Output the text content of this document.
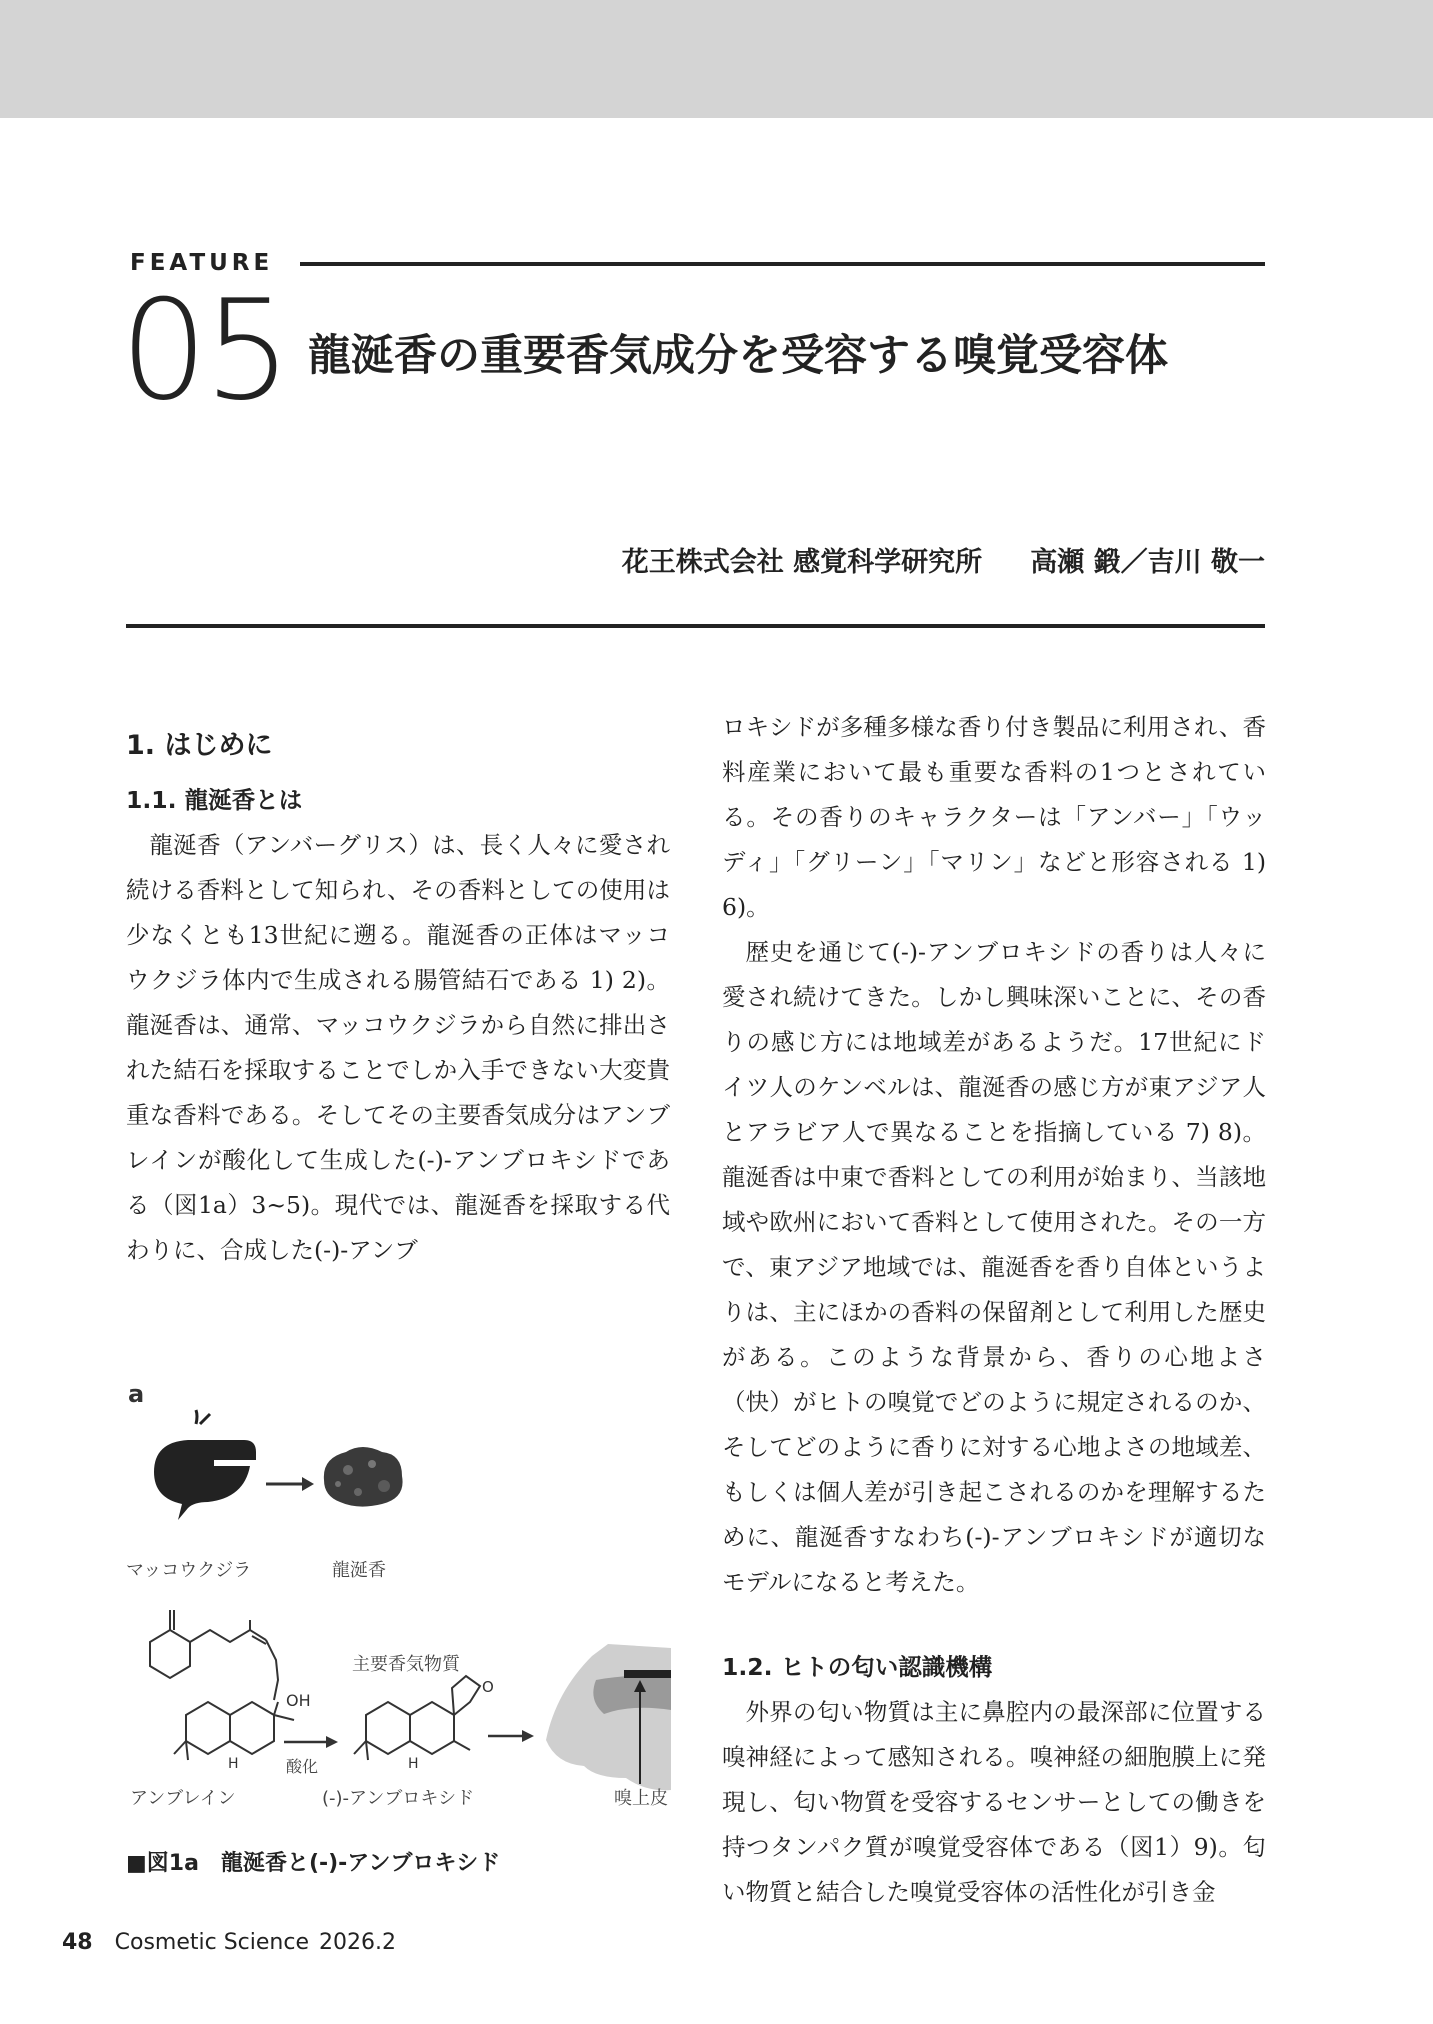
FEATURE
05 龍涎香の重要香気成分を受容する嗅覚受容体
花王株式会社 感覚科学研究所 高瀬 鍛／吉川 敬一
1. はじめに
1.1. 龍涎香とは

龍涎香（アンバーグリス）は、長く人々に愛され続ける香料として知られ、その香料としての使用は少なくとも13世紀に遡る。龍涎香の正体はマッコウクジラ体内で生成される腸管結石である 1) 2)。龍涎香は、通常、マッコウクジラから自然に排出された結石を採取することでしか入手できない大変貴重な香料である。そしてその主要香気成分はアンブレインが酸化して生成した(-)-アンブロキシドである（図1a）3~5)。現代では、龍涎香を採取する代わりに、合成した(-)-アンブ

ロキシドが多種多様な香り付き製品に利用され、香料産業において最も重要な香料の1つとされている。その香りのキャラクターは「アンバー」「ウッディ」「グリーン」「マリン」などと形容される 1) 6)。

歴史を通じて(-)-アンブロキシドの香りは人々に愛され続けてきた。しかし興味深いことに、その香りの感じ方には地域差があるようだ。17世紀にドイツ人のケンベルは、龍涎香の感じ方が東アジア人とアラビア人で異なることを指摘している 7) 8)。龍涎香は中東で香料としての利用が始まり、当該地域や欧州において香料として使用された。その一方で、東アジア地域では、龍涎香を香り自体というよりは、主にほかの香料の保留剤として利用した歴史がある。このような背景から、香りの心地よさ（快）がヒトの嗅覚でどのように規定されるのか、そしてどのように香りに対する心地よさの地域差、もしくは個人差が引き起こされるのかを理解するために、龍涎香すなわち(-)-アンブロキシドが適切なモデルになると考えた。

1.2. ヒトの匂い認識機構

外界の匂い物質は主に鼻腔内の最深部に位置する嗅神経によって感知される。嗅神経の細胞膜上に発現し、匂い物質を受容するセンサーとしての働きを持つタンパク質が嗅覚受容体である（図1）9)。匂い物質と結合した嗅覚受容体の活性化が引き金

a
マッコウクジラ	龍涎香
OH
H
アンブレイン
酸化
主要香気物質
O
H
(-)-アンブロキシド	嗅上皮
■図1a　龍涎香と(-)-アンブロキシド
48 Cosmetic Science 2026.2
